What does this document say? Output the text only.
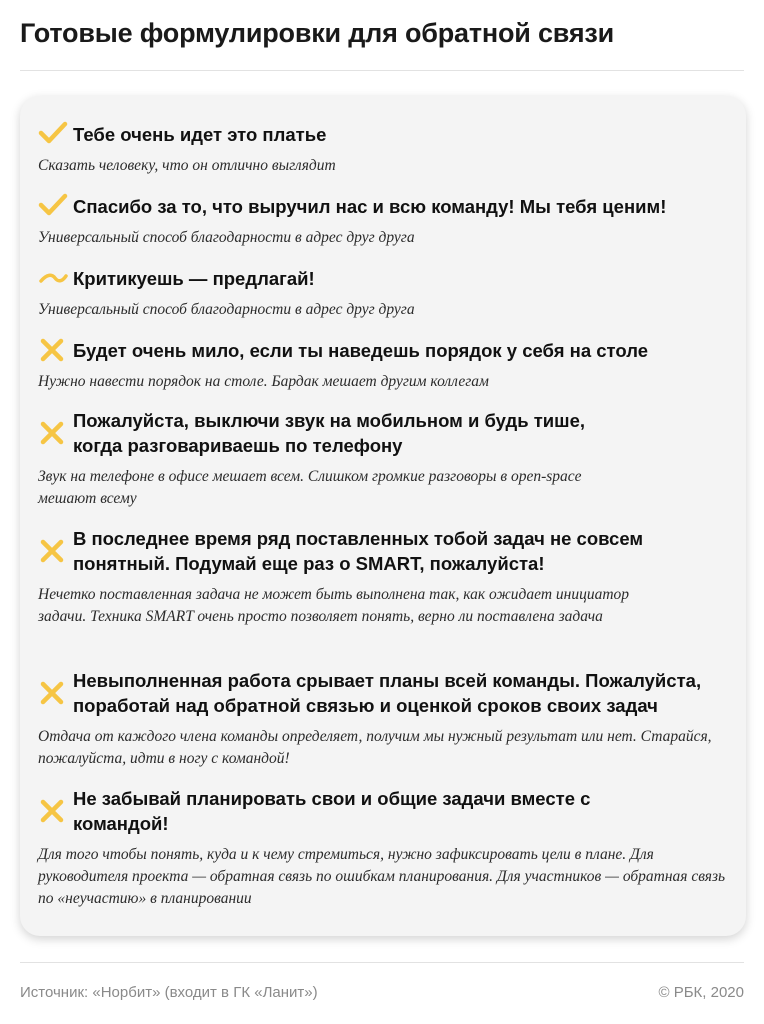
Готовые формулировки для обратной связи
Тебе очень идет это платье
Сказать человеку, что он отлично выглядит
Спасибо за то, что выручил нас и всю команду! Мы тебя ценим!
Универсальный способ благодарности в адрес друг друга
Критикуешь — предлагай!
Универсальный способ благодарности в адрес друг друга
Будет очень мило, если ты наведешь порядок у себя на столе
Нужно навести порядок на столе. Бардак мешает другим коллегам
Пожалуйста, выключи звук на мобильном и будь тише, когда разговариваешь по телефону
Звук на телефоне в офисе мешает всем. Слишком громкие разговоры в open-space мешают всему
В последнее время ряд поставленных тобой задач не совсем понятный. Подумай еще раз о SMART, пожалуйста!
Нечетко поставленная задача не может быть выполнена так, как ожидает инициатор задачи. Техника SMART очень просто позволяет понять, верно ли поставлена задача
Невыполненная работа срывает планы всей команды. Пожалуйста, поработай над обратной связью и оценкой сроков своих задач
Отдача от каждого члена команды определяет, получим мы нужный результат или нет. Старайся, пожалуйста, идти в ногу с командой!
Не забывай планировать свои и общие задачи вместе с командой!
Для того чтобы понять, куда и к чему стремиться, нужно зафиксировать цели в плане. Для руководителя проекта — обратная связь по ошибкам планирования. Для участников — обратная связь по «неучастию» в планировании
Источник: «Норбит» (входит в ГК «Ланит»)	© РБК, 2020
